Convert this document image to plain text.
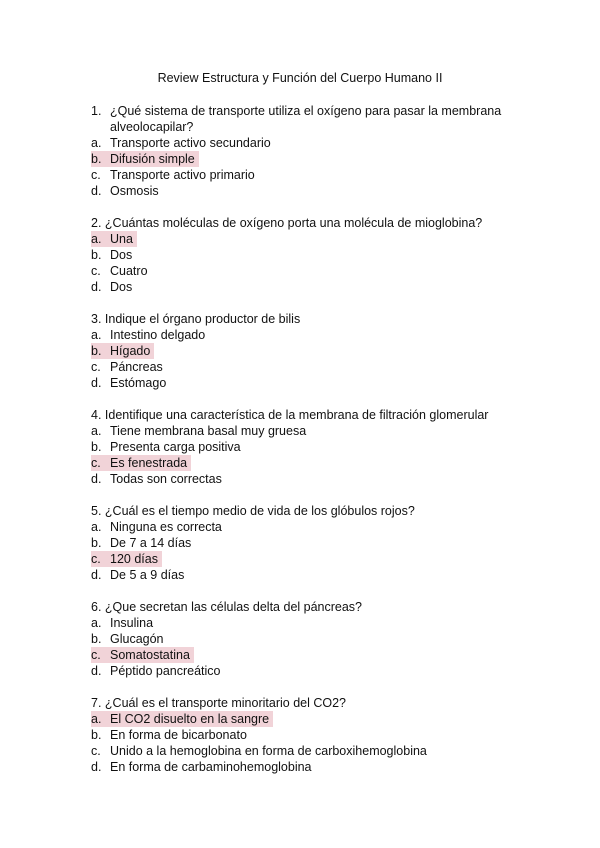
Review Estructura y Función del Cuerpo Humano II
1. ¿Qué sistema de transporte utiliza el oxígeno para pasar la membrana alveolocapilar?
a. Transporte activo secundario
b. Difusión simple
c. Transporte activo primario
d. Osmosis
2. ¿Cuántas moléculas de oxígeno porta una molécula de mioglobina?
a. Una
b. Dos
c. Cuatro
d. Dos
3. Indique el órgano productor de bilis
a. Intestino delgado
b. Hígado
c. Páncreas
d. Estómago
4. Identifique una característica de la membrana de filtración glomerular
a. Tiene membrana basal muy gruesa
b. Presenta carga positiva
c. Es fenestrada
d. Todas son correctas
5. ¿Cuál es el tiempo medio de vida de los glóbulos rojos?
a. Ninguna es correcta
b. De 7 a 14 días
c. 120 días
d. De 5 a 9 días
6. ¿Que secretan las células delta del páncreas?
a. Insulina
b. Glucagón
c. Somatostatina
d. Péptido pancreático
7. ¿Cuál es el transporte minoritario del CO2?
a. El CO2 disuelto en la sangre
b. En forma de bicarbonato
c. Unido a la hemoglobina en forma de carboxihemoglobina
d. En forma de carbaminohemoglobina
